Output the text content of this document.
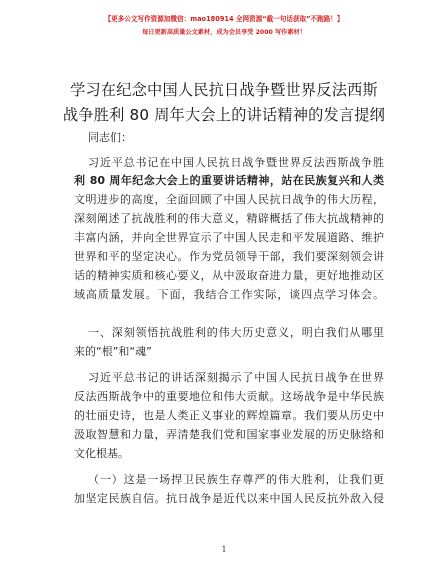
【更多公文写作资源加微信：mao180914 全网资源“截一句话获取”不跑路！】
每日更新高质量公文素材，成为会员享受 2000 写作素材！
学习在纪念中国人民抗日战争暨世界反法西斯
战争胜利 80 周年大会上的讲话精神的发言提纲
同志们：
习近平总书记在中国人民抗日战争暨世界反法西斯战争胜
利 80 周年纪念大会上的重要讲话精神，站在民族复兴和人类
文明进步的高度，全面回顾了中国人民抗日战争的伟大历程，
深刻阐述了抗战胜利的伟大意义，精辟概括了伟大抗战精神的
丰富内涵，并向全世界宣示了中国人民走和平发展道路、维护
世界和平的坚定决心。作为党员领导干部，我们要深刻领会讲
话的精神实质和核心要义，从中汲取奋进力量，更好地推动区
域高质量发展。下面，我结合工作实际，谈四点学习体会。
一、深刻领悟抗战胜利的伟大历史意义，明白我们从哪里
来的“根”和“魂”
习近平总书记的讲话深刻揭示了中国人民抗日战争在世界
反法西斯战争中的重要地位和伟大贡献。这场战争是中华民族
的壮丽史诗，也是人类正义事业的辉煌篇章。我们要从历史中
汲取智慧和力量，弄清楚我们党和国家事业发展的历史脉络和
文化根基。
（一）这是一场捍卫民族生存尊严的伟大胜利，让我们更
加坚定民族自信。抗日战争是近代以来中国人民反抗外敌入侵
1
